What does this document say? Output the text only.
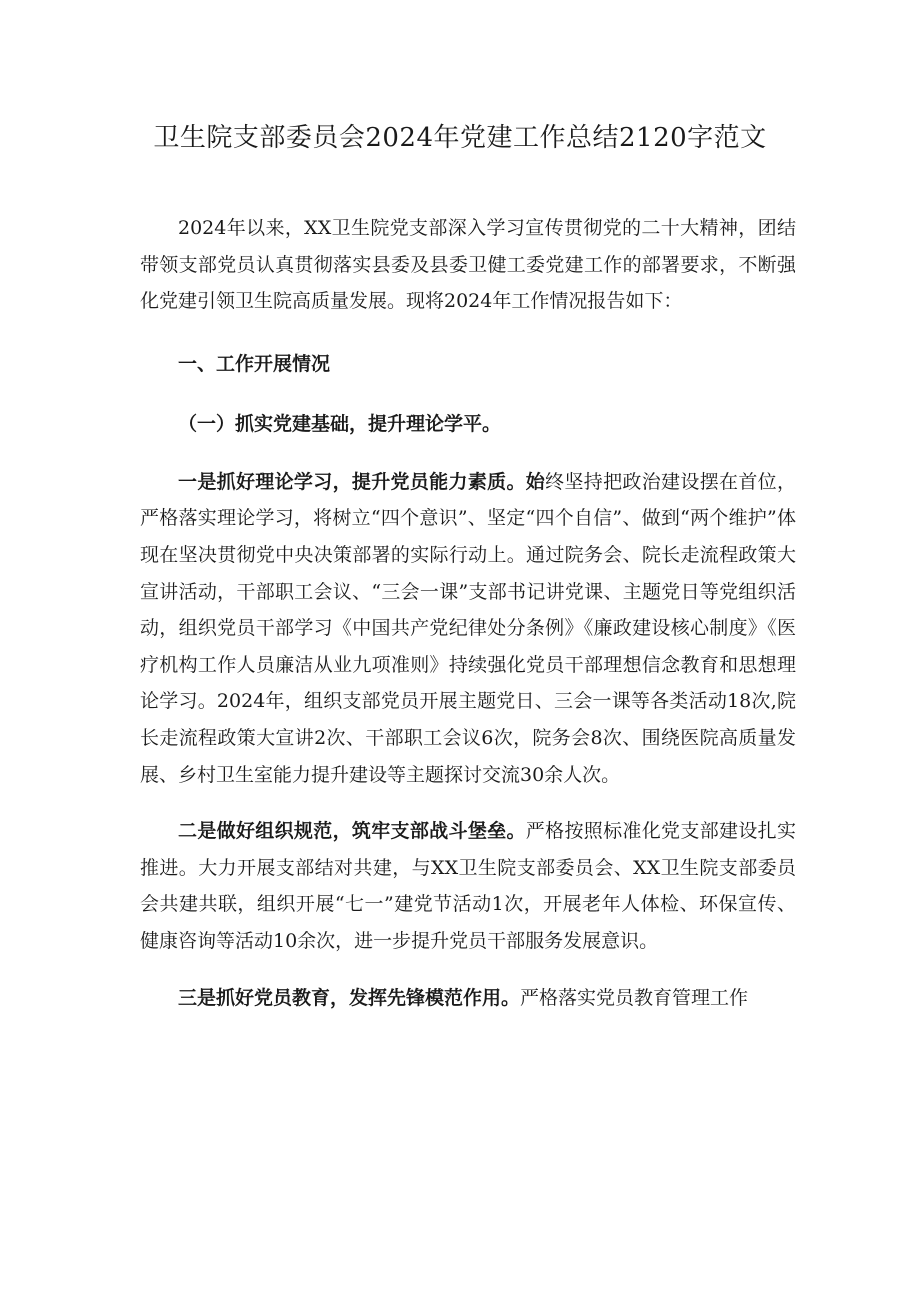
卫生院支部委员会2024年党建工作总结2120字范文

2024年以来，XX卫生院党支部深入学习宣传贯彻党的二十大精神，团结带领支部党员认真贯彻落实县委及县委卫健工委党建工作的部署要求，不断强化党建引领卫生院高质量发展。现将2024年工作情况报告如下：

一、工作开展情况

（一）抓实党建基础，提升理论学平。

一是抓好理论学习，提升党员能力素质。始终坚持把政治建设摆在首位，严格落实理论学习，将树立“四个意识”、坚定“四个自信”、做到“两个维护”体现在坚决贯彻党中央决策部署的实际行动上。通过院务会、院长走流程政策大宣讲活动，干部职工会议、“三会一课”支部书记讲党课、主题党日等党组织活动，组织党员干部学习《中国共产党纪律处分条例》《廉政建设核心制度》《医疗机构工作人员廉洁从业九项准则》持续强化党员干部理想信念教育和思想理论学习。2024年，组织支部党员开展主题党日、三会一课等各类活动18次,院长走流程政策大宣讲2次、干部职工会议6次，院务会8次、围绕医院高质量发展、乡村卫生室能力提升建设等主题探讨交流30余人次。

二是做好组织规范，筑牢支部战斗堡垒。严格按照标准化党支部建设扎实推进。大力开展支部结对共建，与XX卫生院支部委员会、XX卫生院支部委员会共建共联，组织开展“七一”建党节活动1次，开展老年人体检、环保宣传、健康咨询等活动10余次，进一步提升党员干部服务发展意识。

三是抓好党员教育，发挥先锋模范作用。严格落实党员教育管理工作
